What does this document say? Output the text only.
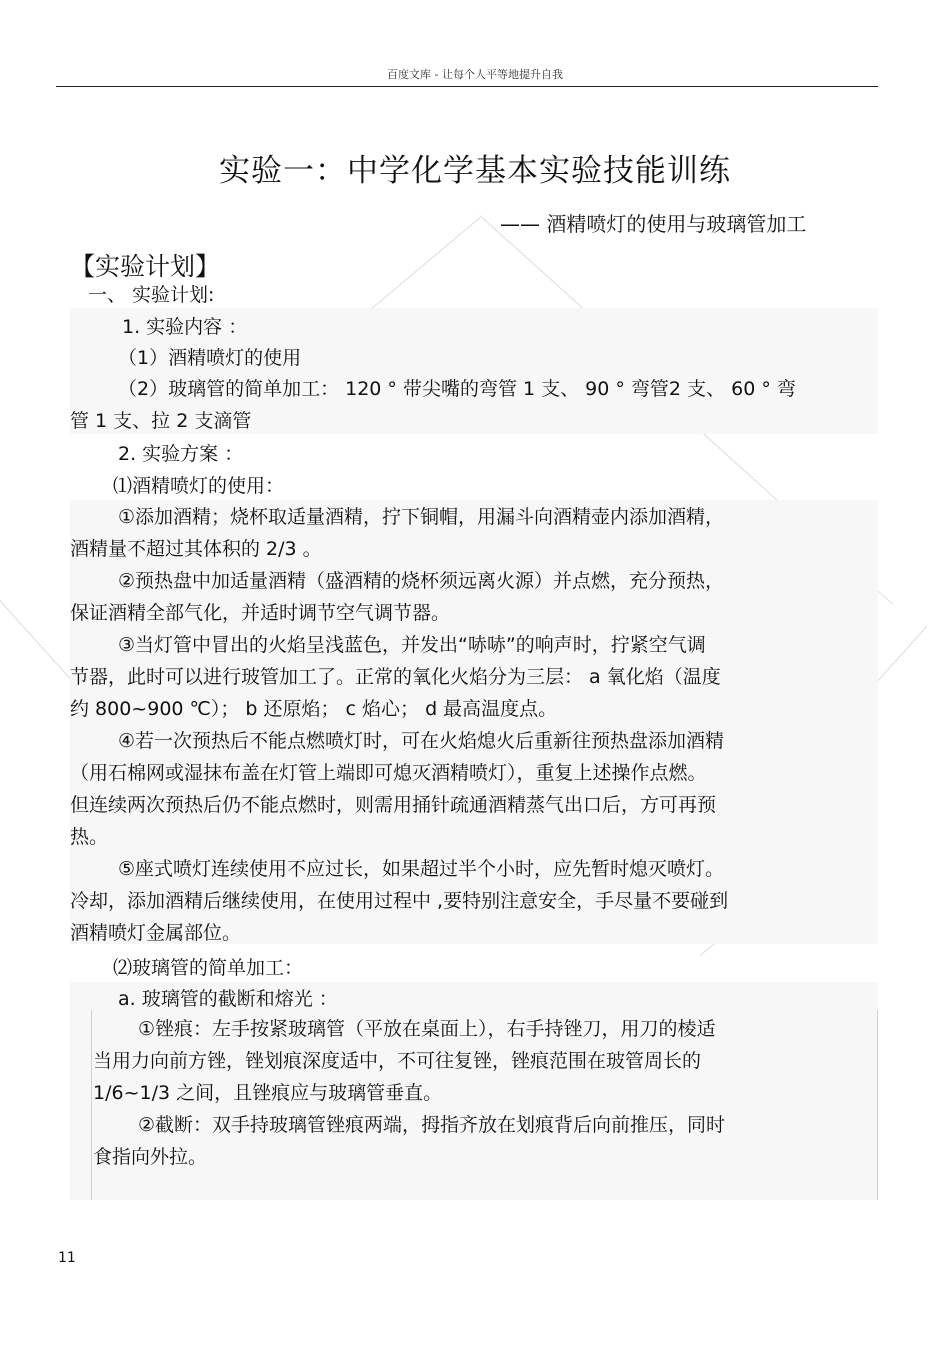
百度文库 - 让每个人平等地提升自我
实验一：中学化学基本实验技能训练
—— 酒精喷灯的使用与玻璃管加工
【实验计划】
一、 实验计划:
1. 实验内容 ：
（1）酒精喷灯的使用
（2）玻璃管的简单加工： 120 ° 带尖嘴的弯管 1 支、 90 ° 弯管2 支、 60 ° 弯
管 1 支、拉 2 支滴管
2. 实验方案 ：
⑴酒精喷灯的使用：
①添加酒精；烧杯取适量酒精，拧下铜帽，用漏斗向酒精壶内添加酒精，
酒精量不超过其体积的 2/3 。
②预热盘中加适量酒精（盛酒精的烧杯须远离火源）并点燃，充分预热，
保证酒精全部气化，并适时调节空气调节器。
③当灯管中冒出的火焰呈浅蓝色，并发出“哧哧”的响声时，拧紧空气调
节器，此时可以进行玻管加工了。正常的氧化火焰分为三层： a 氧化焰（温度
约 800~900 ℃）； b 还原焰； c 焰心； d 最高温度点。
④若一次预热后不能点燃喷灯时，可在火焰熄火后重新往预热盘添加酒精
（用石棉网或湿抹布盖在灯管上端即可熄灭酒精喷灯），重复上述操作点燃。
但连续两次预热后仍不能点燃时，则需用捅针疏通酒精蒸气出口后，方可再预
热。
⑤座式喷灯连续使用不应过长，如果超过半个小时，应先暂时熄灭喷灯。
冷却，添加酒精后继续使用，在使用过程中 ,要特别注意安全，手尽量不要碰到
酒精喷灯金属部位。
⑵玻璃管的简单加工：
a. 玻璃管的截断和熔光 ：
①锉痕：左手按紧玻璃管（平放在桌面上），右手持锉刀，用刀的棱适
当用力向前方锉，锉划痕深度适中，不可往复锉，锉痕范围在玻管周长的
1/6~1/3 之间，且锉痕应与玻璃管垂直。
②截断：双手持玻璃管锉痕两端，拇指齐放在划痕背后向前推压，同时
食指向外拉。
11
